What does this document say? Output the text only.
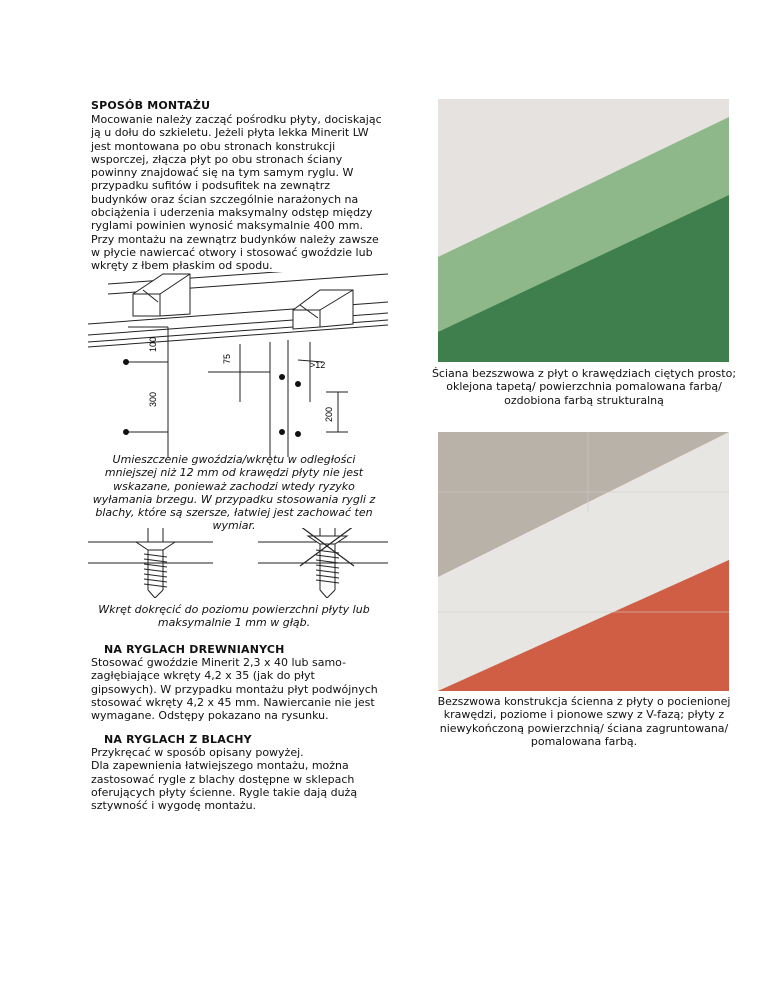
SPOSÓB MONTAŻU
Mocowanie należy zacząć pośrodku płyty, dociskając
ją u dołu do szkieletu. Jeżeli płyta lekka Minerit LW
jest montowana po obu stronach konstrukcji
wsporczej, złącza płyt po obu stronach ściany
powinny znajdować się na tym samym ryglu. W
przypadku sufitów i podsufitek na zewnątrz
budynków oraz ścian szczególnie narażonych na
obciążenia i uderzenia maksymalny odstęp między
ryglami powinien wynosić maksymalnie 400 mm.
Przy montażu na zewnątrz budynków należy zawsze
w płycie nawiercać otwory i stosować gwoździe lub
wkręty z łbem płaskim od spodu.
100
75
>12
300
200
Umieszczenie gwoździa/wkrętu w odległości
mniejszej niż 12 mm od krawędzi płyty nie jest
wskazane, ponieważ zachodzi wtedy ryzyko
wyłamania brzegu. W przypadku stosowania rygli z
blachy, które są szersze, łatwiej jest zachować ten
wymiar.
Wkręt dokręcić do poziomu powierzchni płyty lub
maksymalnie 1 mm w głąb.
NA RYGLACH DREWNIANYCH
Stosować gwoździe Minerit 2,3 x 40 lub samo-
zagłębiające wkręty 4,2 x 35 (jak do płyt
gipsowych). W przypadku montażu płyt podwójnych
stosować wkręty 4,2 x 45 mm. Nawiercanie nie jest
wymagane. Odstępy pokazano na rysunku.
NA RYGLACH Z BLACHY
Przykręcać w sposób opisany powyżej.
Dla zapewnienia łatwiejszego montażu, można
zastosować rygle z blachy dostępne w sklepach
oferujących płyty ścienne. Rygle takie dają dużą
sztywność i wygodę montażu.
Ściana bezszwowa z płyt o krawędziach ciętych prosto;
oklejona tapetą/ powierzchnia pomalowana farbą/
ozdobiona farbą strukturalną
Bezszwowa konstrukcja ścienna z płyty o pocienionej
krawędzi, poziome i pionowe szwy z V-fazą; płyty z
niewykończoną powierzchnią/ ściana zagruntowana/
pomalowana farbą.
